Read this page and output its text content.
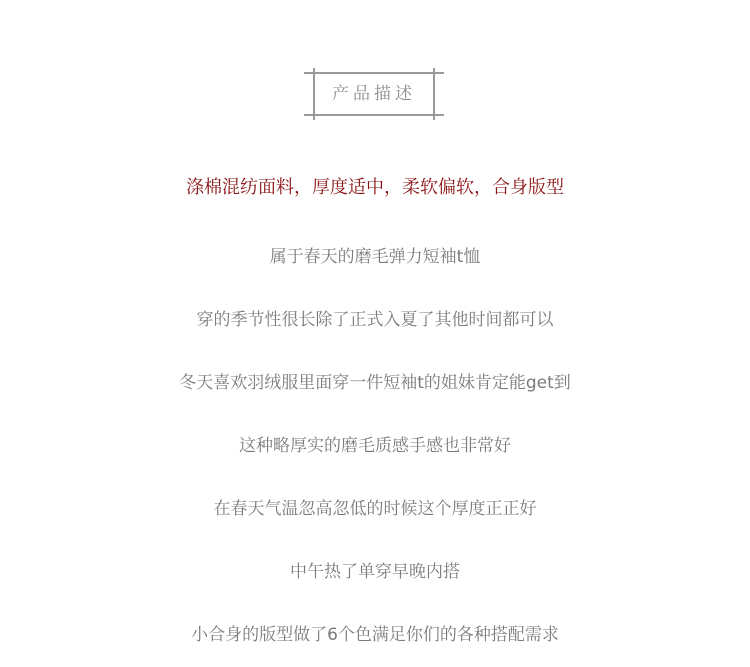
产品描述
涤棉混纺面料，厚度适中，柔软偏软，合身版型
属于春天的磨毛弹力短袖t恤
穿的季节性很长除了正式入夏了其他时间都可以
冬天喜欢羽绒服里面穿一件短袖t的姐妹肯定能get到
这种略厚实的磨毛质感手感也非常好
在春天气温忽高忽低的时候这个厚度正正好
中午热了单穿早晚内搭
小合身的版型做了6个色满足你们的各种搭配需求
